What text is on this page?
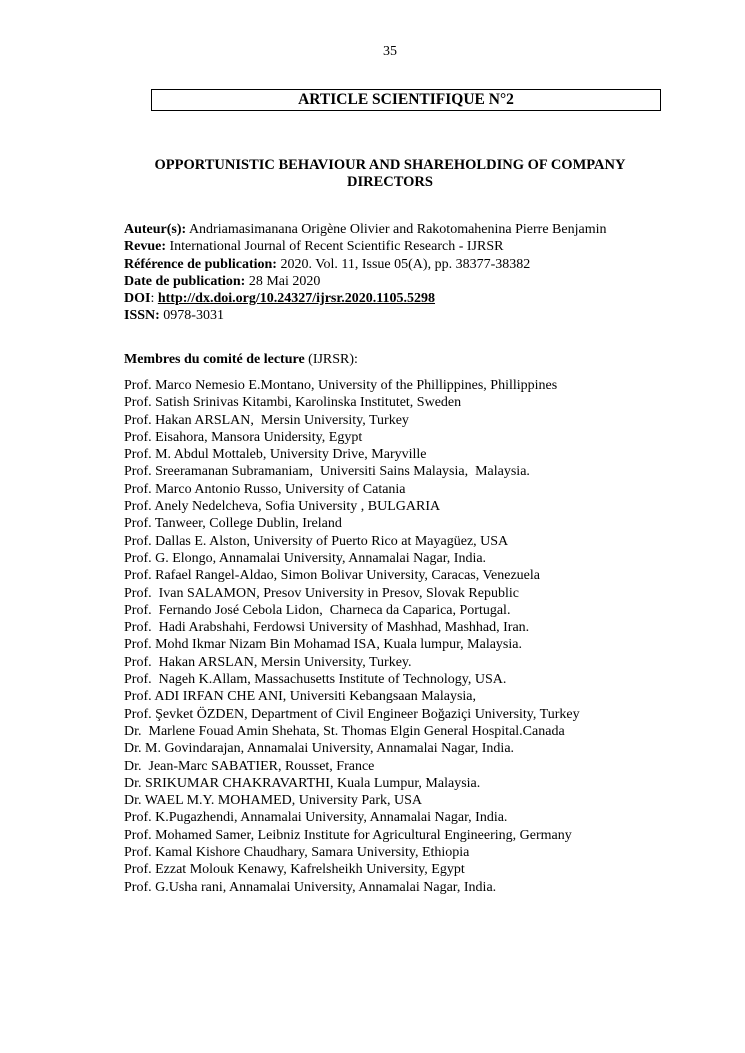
35
ARTICLE SCIENTIFIQUE N°2
OPPORTUNISTIC BEHAVIOUR AND SHAREHOLDING OF COMPANY
DIRECTORS
Auteur(s): Andriamasimanana Origène Olivier and Rakotomahenina Pierre Benjamin
Revue: International Journal of Recent Scientific Research - IJRSR
Référence de publication: 2020. Vol. 11, Issue 05(A), pp. 38377-38382
Date de publication: 28 Mai 2020
DOI: http://dx.doi.org/10.24327/ijrsr.2020.1105.5298
ISSN: 0978-3031
Membres du comité de lecture (IJRSR):
Prof. Marco Nemesio E.Montano, University of the Phillippines, Phillippines
Prof. Satish Srinivas Kitambi, Karolinska Institutet, Sweden
Prof. Hakan ARSLAN,  Mersin University, Turkey
Prof. Eisahora, Mansora Unidersity, Egypt
Prof. M. Abdul Mottaleb, University Drive, Maryville
Prof. Sreeramanan Subramaniam,  Universiti Sains Malaysia,  Malaysia.
Prof. Marco Antonio Russo, University of Catania
Prof. Anely Nedelcheva, Sofia University , BULGARIA
Prof. Tanweer, College Dublin, Ireland
Prof. Dallas E. Alston, University of Puerto Rico at Mayagüez, USA
Prof. G. Elongo, Annamalai University, Annamalai Nagar, India.
Prof. Rafael Rangel-Aldao, Simon Bolivar University, Caracas, Venezuela
Prof.  Ivan SALAMON, Presov University in Presov, Slovak Republic
Prof.  Fernando José Cebola Lidon,  Charneca da Caparica, Portugal.
Prof.  Hadi Arabshahi, Ferdowsi University of Mashhad, Mashhad, Iran.
Prof. Mohd Ikmar Nizam Bin Mohamad ISA, Kuala lumpur, Malaysia.
Prof.  Hakan ARSLAN, Mersin University, Turkey.
Prof.  Nageh K.Allam, Massachusetts Institute of Technology, USA.
Prof. ADI IRFAN CHE ANI, Universiti Kebangsaan Malaysia,
Prof. Şevket ÖZDEN, Department of Civil Engineer Boğaziçi University, Turkey
Dr.  Marlene Fouad Amin Shehata, St. Thomas Elgin General Hospital.Canada
Dr. M. Govindarajan, Annamalai University, Annamalai Nagar, India.
Dr.  Jean-Marc SABATIER, Rousset, France
Dr. SRIKUMAR CHAKRAVARTHI, Kuala Lumpur, Malaysia.
Dr. WAEL M.Y. MOHAMED, University Park, USA
Prof. K.Pugazhendi, Annamalai University, Annamalai Nagar, India.
Prof. Mohamed Samer, Leibniz Institute for Agricultural Engineering, Germany
Prof. Kamal Kishore Chaudhary, Samara University, Ethiopia
Prof. Ezzat Molouk Kenawy, Kafrelsheikh University, Egypt
Prof. G.Usha rani, Annamalai University, Annamalai Nagar, India.
